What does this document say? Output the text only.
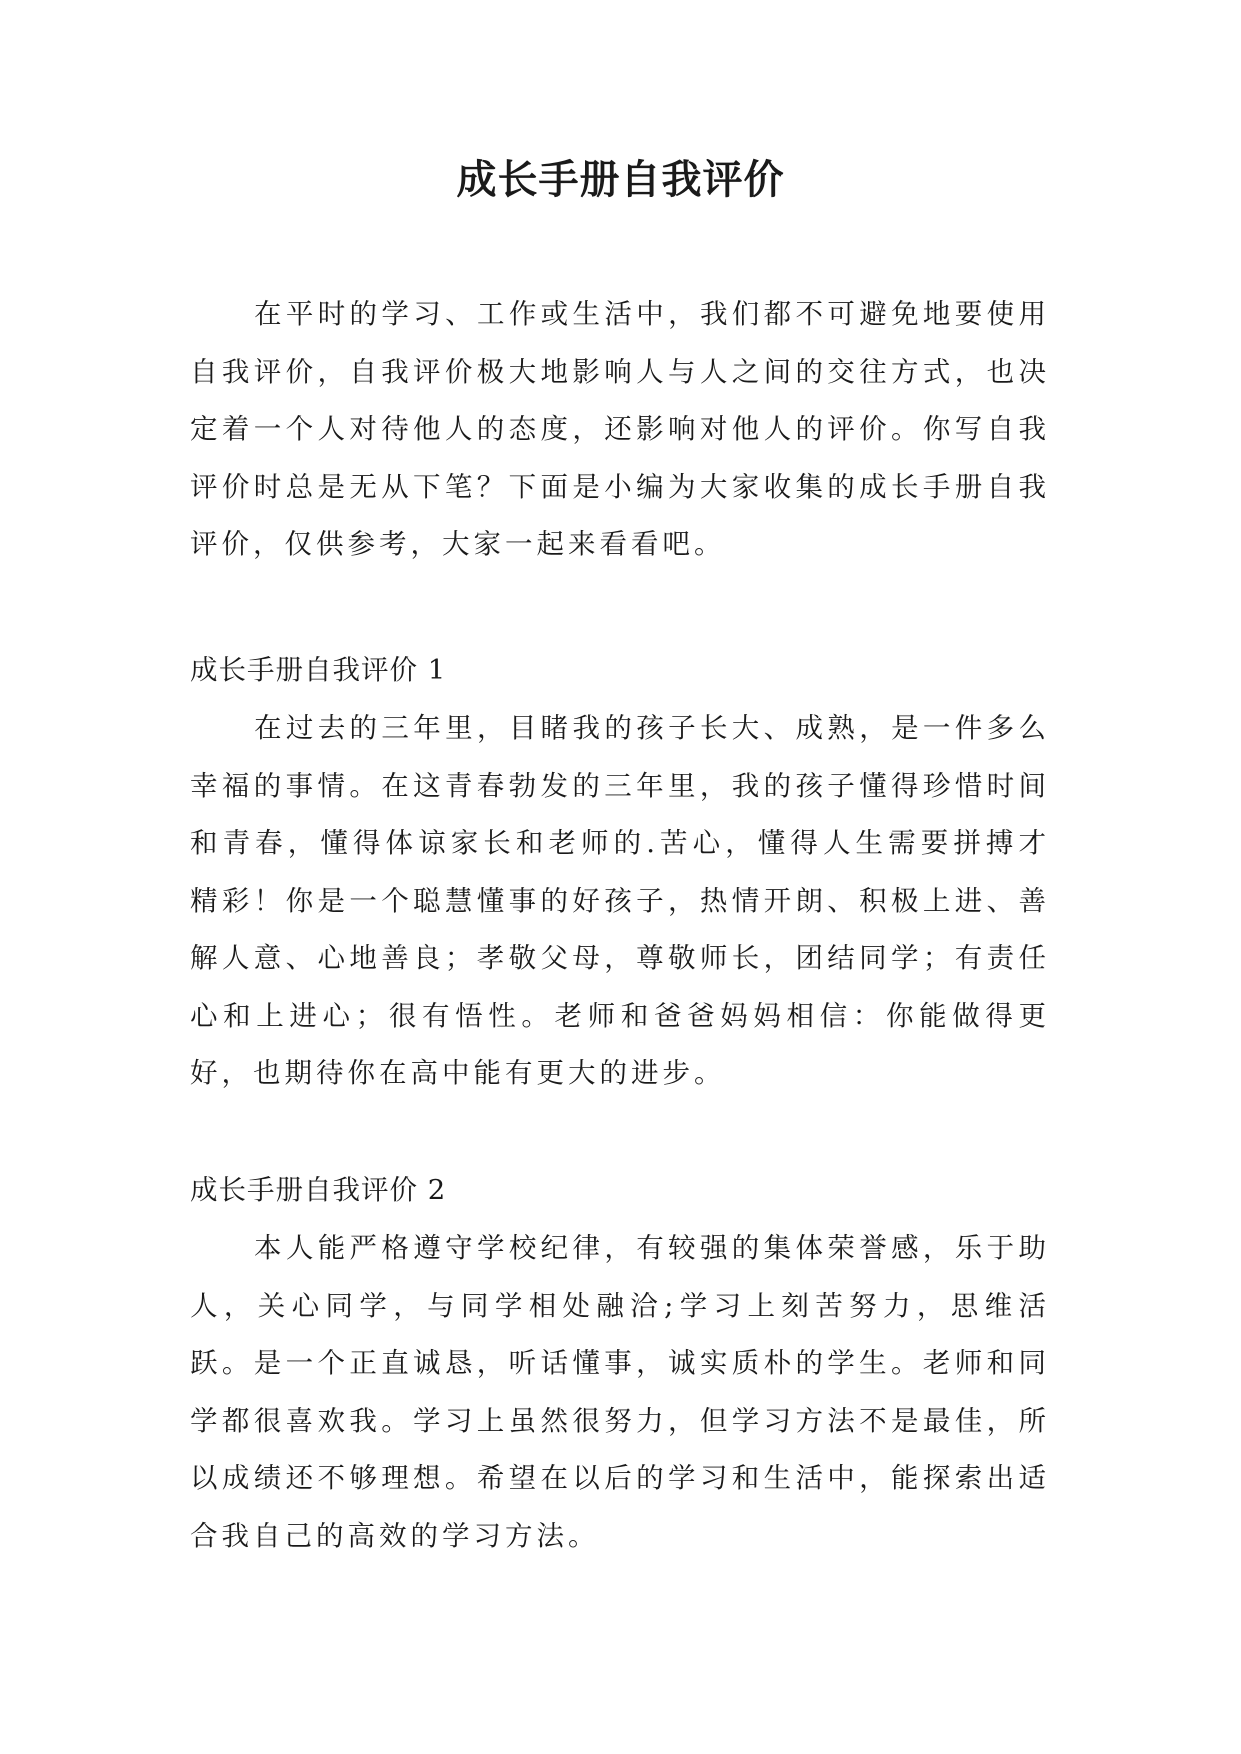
成长手册自我评价

在平时的学习、工作或生活中，我们都不可避免地要使用自我评价，自我评价极大地影响人与人之间的交往方式，也决定着一个人对待他人的态度，还影响对他人的评价。你写自我评价时总是无从下笔？下面是小编为大家收集的成长手册自我评价，仅供参考，大家一起来看看吧。

成长手册自我评价 1

在过去的三年里，目睹我的孩子长大、成熟，是一件多么幸福的事情。在这青春勃发的三年里，我的孩子懂得珍惜时间和青春，懂得体谅家长和老师的.苦心，懂得人生需要拼搏才精彩！你是一个聪慧懂事的好孩子，热情开朗、积极上进、善解人意、心地善良；孝敬父母，尊敬师长，团结同学；有责任心和上进心；很有悟性。老师和爸爸妈妈相信：你能做得更好，也期待你在高中能有更大的进步。

成长手册自我评价 2

本人能严格遵守学校纪律，有较强的集体荣誉感，乐于助人，关心同学，与同学相处融洽;学习上刻苦努力，思维活跃。是一个正直诚恳，听话懂事，诚实质朴的学生。老师和同学都很喜欢我。学习上虽然很努力，但学习方法不是最佳，所以成绩还不够理想。希望在以后的学习和生活中，能探索出适合我自己的高效的学习方法。
